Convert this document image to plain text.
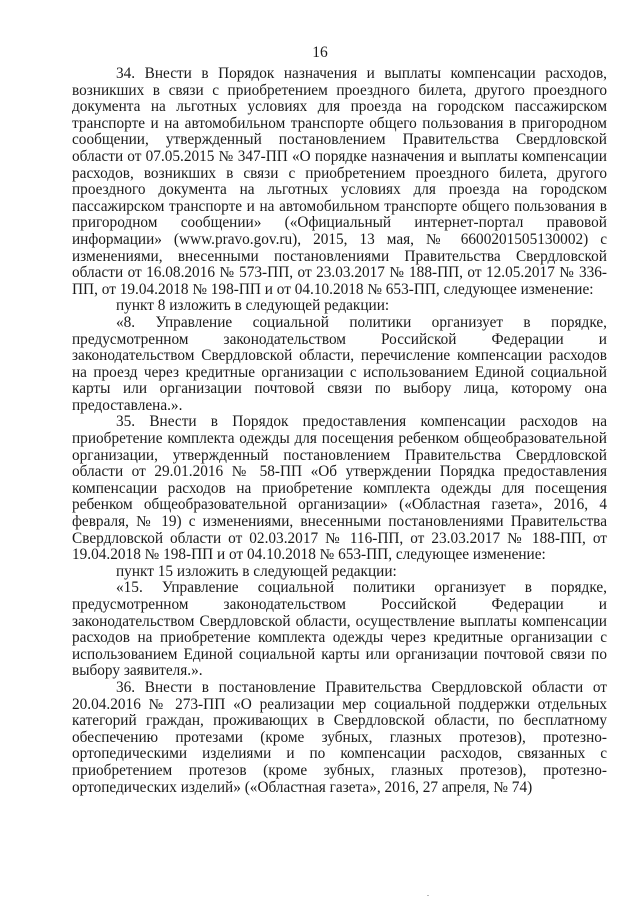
16

34. Внести в Порядок назначения и выплаты компенсации расходов, возникших в связи с приобретением проездного билета, другого проездного документа на льготных условиях для проезда на городском пассажирском транспорте и на автомобильном транспорте общего пользования в пригородном сообщении, утвержденный постановлением Правительства Свердловской области от 07.05.2015 № 347-ПП «О порядке назначения и выплаты компенсации расходов, возникших в связи с приобретением проездного билета, другого проездного документа на льготных условиях для проезда на городском пассажирском транспорте и на автомобильном транспорте общего пользования в пригородном сообщении» («Официальный интернет-портал правовой информации» (www.pravo.gov.ru), 2015, 13 мая, № 6600201505130002) с изменениями, внесенными постановлениями Правительства Свердловской области от 16.08.2016 № 573-ПП, от 23.03.2017 № 188-ПП, от 12.05.2017 № 336-ПП, от 19.04.2018 № 198-ПП и от 04.10.2018 № 653-ПП, следующее изменение:

пункт 8 изложить в следующей редакции:

«8. Управление социальной политики организует в порядке, предусмотренном законодательством Российской Федерации и законодательством Свердловской области, перечисление компенсации расходов на проезд через кредитные организации с использованием Единой социальной карты или организации почтовой связи по выбору лица, которому она предоставлена.».

35. Внести в Порядок предоставления компенсации расходов на приобретение комплекта одежды для посещения ребенком общеобразовательной организации, утвержденный постановлением Правительства Свердловской области от 29.01.2016 № 58-ПП «Об утверждении Порядка предоставления компенсации расходов на приобретение комплекта одежды для посещения ребенком общеобразовательной организации» («Областная газета», 2016, 4 февраля, № 19) с изменениями, внесенными постановлениями Правительства Свердловской области от 02.03.2017 № 116-ПП, от 23.03.2017 № 188-ПП, от 19.04.2018 № 198-ПП и от 04.10.2018 № 653-ПП, следующее изменение:

пункт 15 изложить в следующей редакции:

«15. Управление социальной политики организует в порядке, предусмотренном законодательством Российской Федерации и законодательством Свердловской области, осуществление выплаты компенсации расходов на приобретение комплекта одежды через кредитные организации с использованием Единой социальной карты или организации почтовой связи по выбору заявителя.».

36. Внести в постановление Правительства Свердловской области от 20.04.2016 № 273-ПП «О реализации мер социальной поддержки отдельных категорий граждан, проживающих в Свердловской области, по бесплатному обеспечению протезами (кроме зубных, глазных протезов), протезно-ортопедическими изделиями и по компенсации расходов, связанных с приобретением протезов (кроме зубных, глазных протезов), протезно-ортопедических изделий» («Областная газета», 2016, 27 апреля, № 74)
